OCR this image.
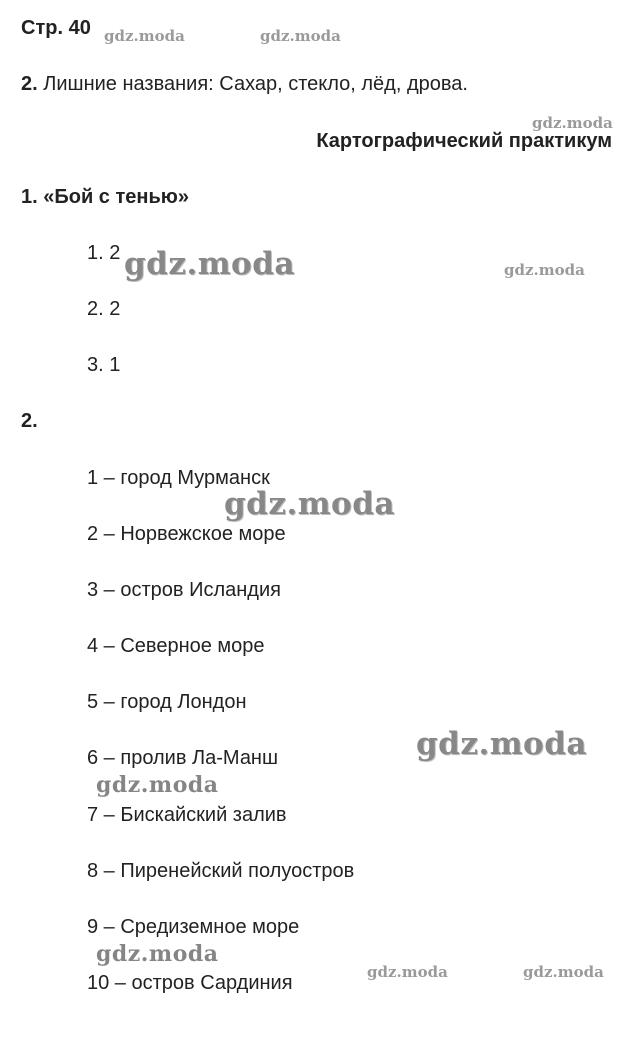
Стр. 40
2. Лишние названия: Сахар, стекло, лёд, дрова.
Картографический практикум
1. «Бой с тенью»
1. 2
2. 2
3. 1
2.
1 – город Мурманск
2 – Норвежское море
3 – остров Исландия
4 – Северное море
5 – город Лондон
6 – пролив Ла-Манш
7 – Бискайский залив
8 – Пиренейский полуостров
9 – Средиземное море
10 – остров Сардиния
gdz.moda	gdz.moda
gdz.moda
gdz.moda	gdz.moda
gdz.moda
gdz.moda
gdz.moda
gdz.moda
gdz.moda	gdz.moda
